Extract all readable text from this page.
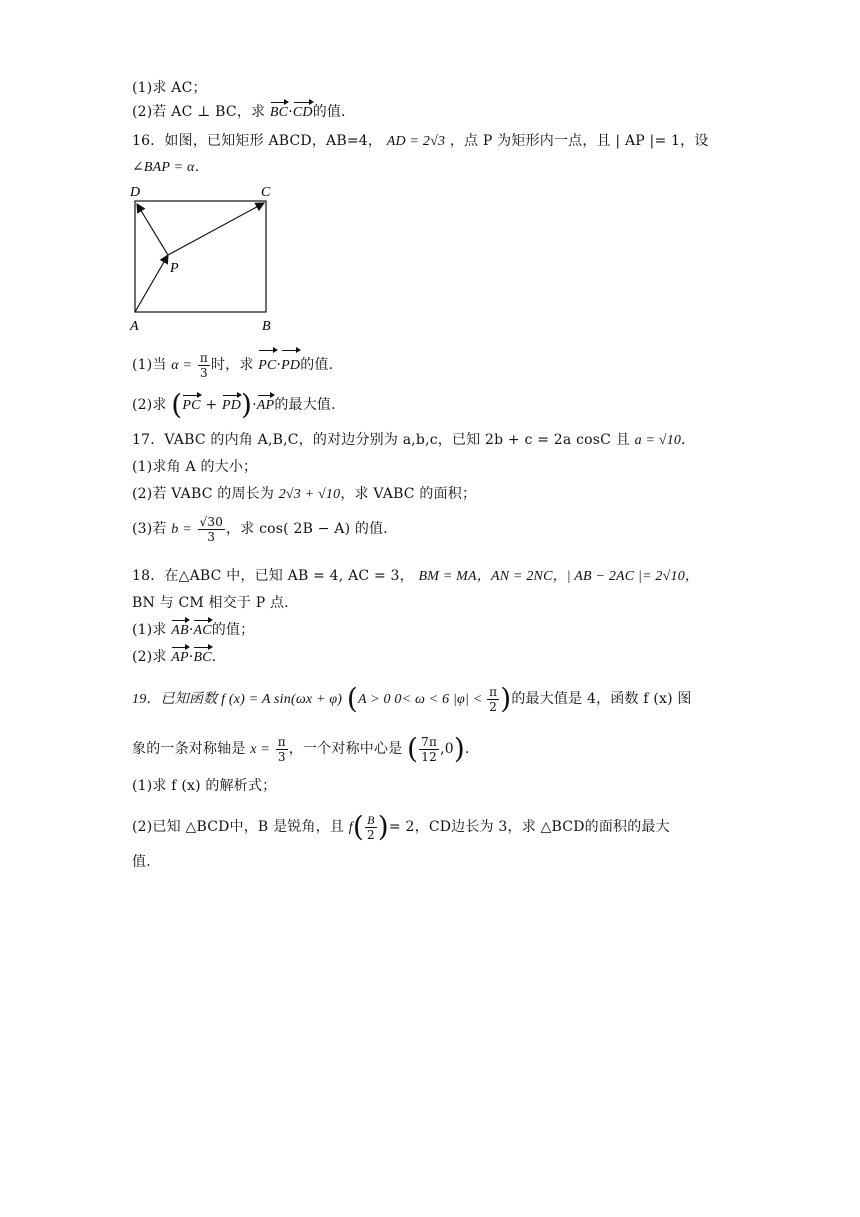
(1)求 AC；
(2)若 AC ⊥ BC，求 BC·CD的值．
16．如图，已知矩形 ABCD，AB=4， AD = 2√3 ，点 P 为矩形内一点，且 | AP |= 1，设
∠BAP = α．
D	C
A	B
P
(1)当 $\alpha = \frac{\pi}{3}$ 时，求 PC·PD的值．
(2)求 (PC + PD)·AP的最大值．
17．VABC 的内角 A,B,C，的对边分别为 a,b,c，已知 2b + c = 2a cosC 且 a = √10．
(1)求角 A 的大小；
(2)若 VABC 的周长为 2√3 + √10，求 VABC 的面积；
(3)若 $b = \frac{√30}{3}$ ，求 cos( 2B − A) 的值．
18．在△ABC 中，已知 AB = 4, AC = 3， BM = MA，AN = 2NC，| AB − 2AC |= 2√10，
BN 与 CM 相交于 P 点．
(1)求 AB·AC的值；
(2)求 AP·BC．
19．已知函数 f (x) = A sin(ωx + φ) (A > 0 0< ω < 6 $|\varphi| < \frac{\pi}{2}$ )的最大值是 4，函数 f (x) 图
象的一条对称轴是 $x = \frac{\pi}{3}$ ，一个对称中心是 ( $\frac{7\pi}{12} ,0$)．
(1)求 f (x) 的解析式；
(2)已知 △BCD中，B 是锐角，且 $f( \frac{B}{2}$ )= 2，CD边长为 3，求 △BCD的面积的最大
值．
